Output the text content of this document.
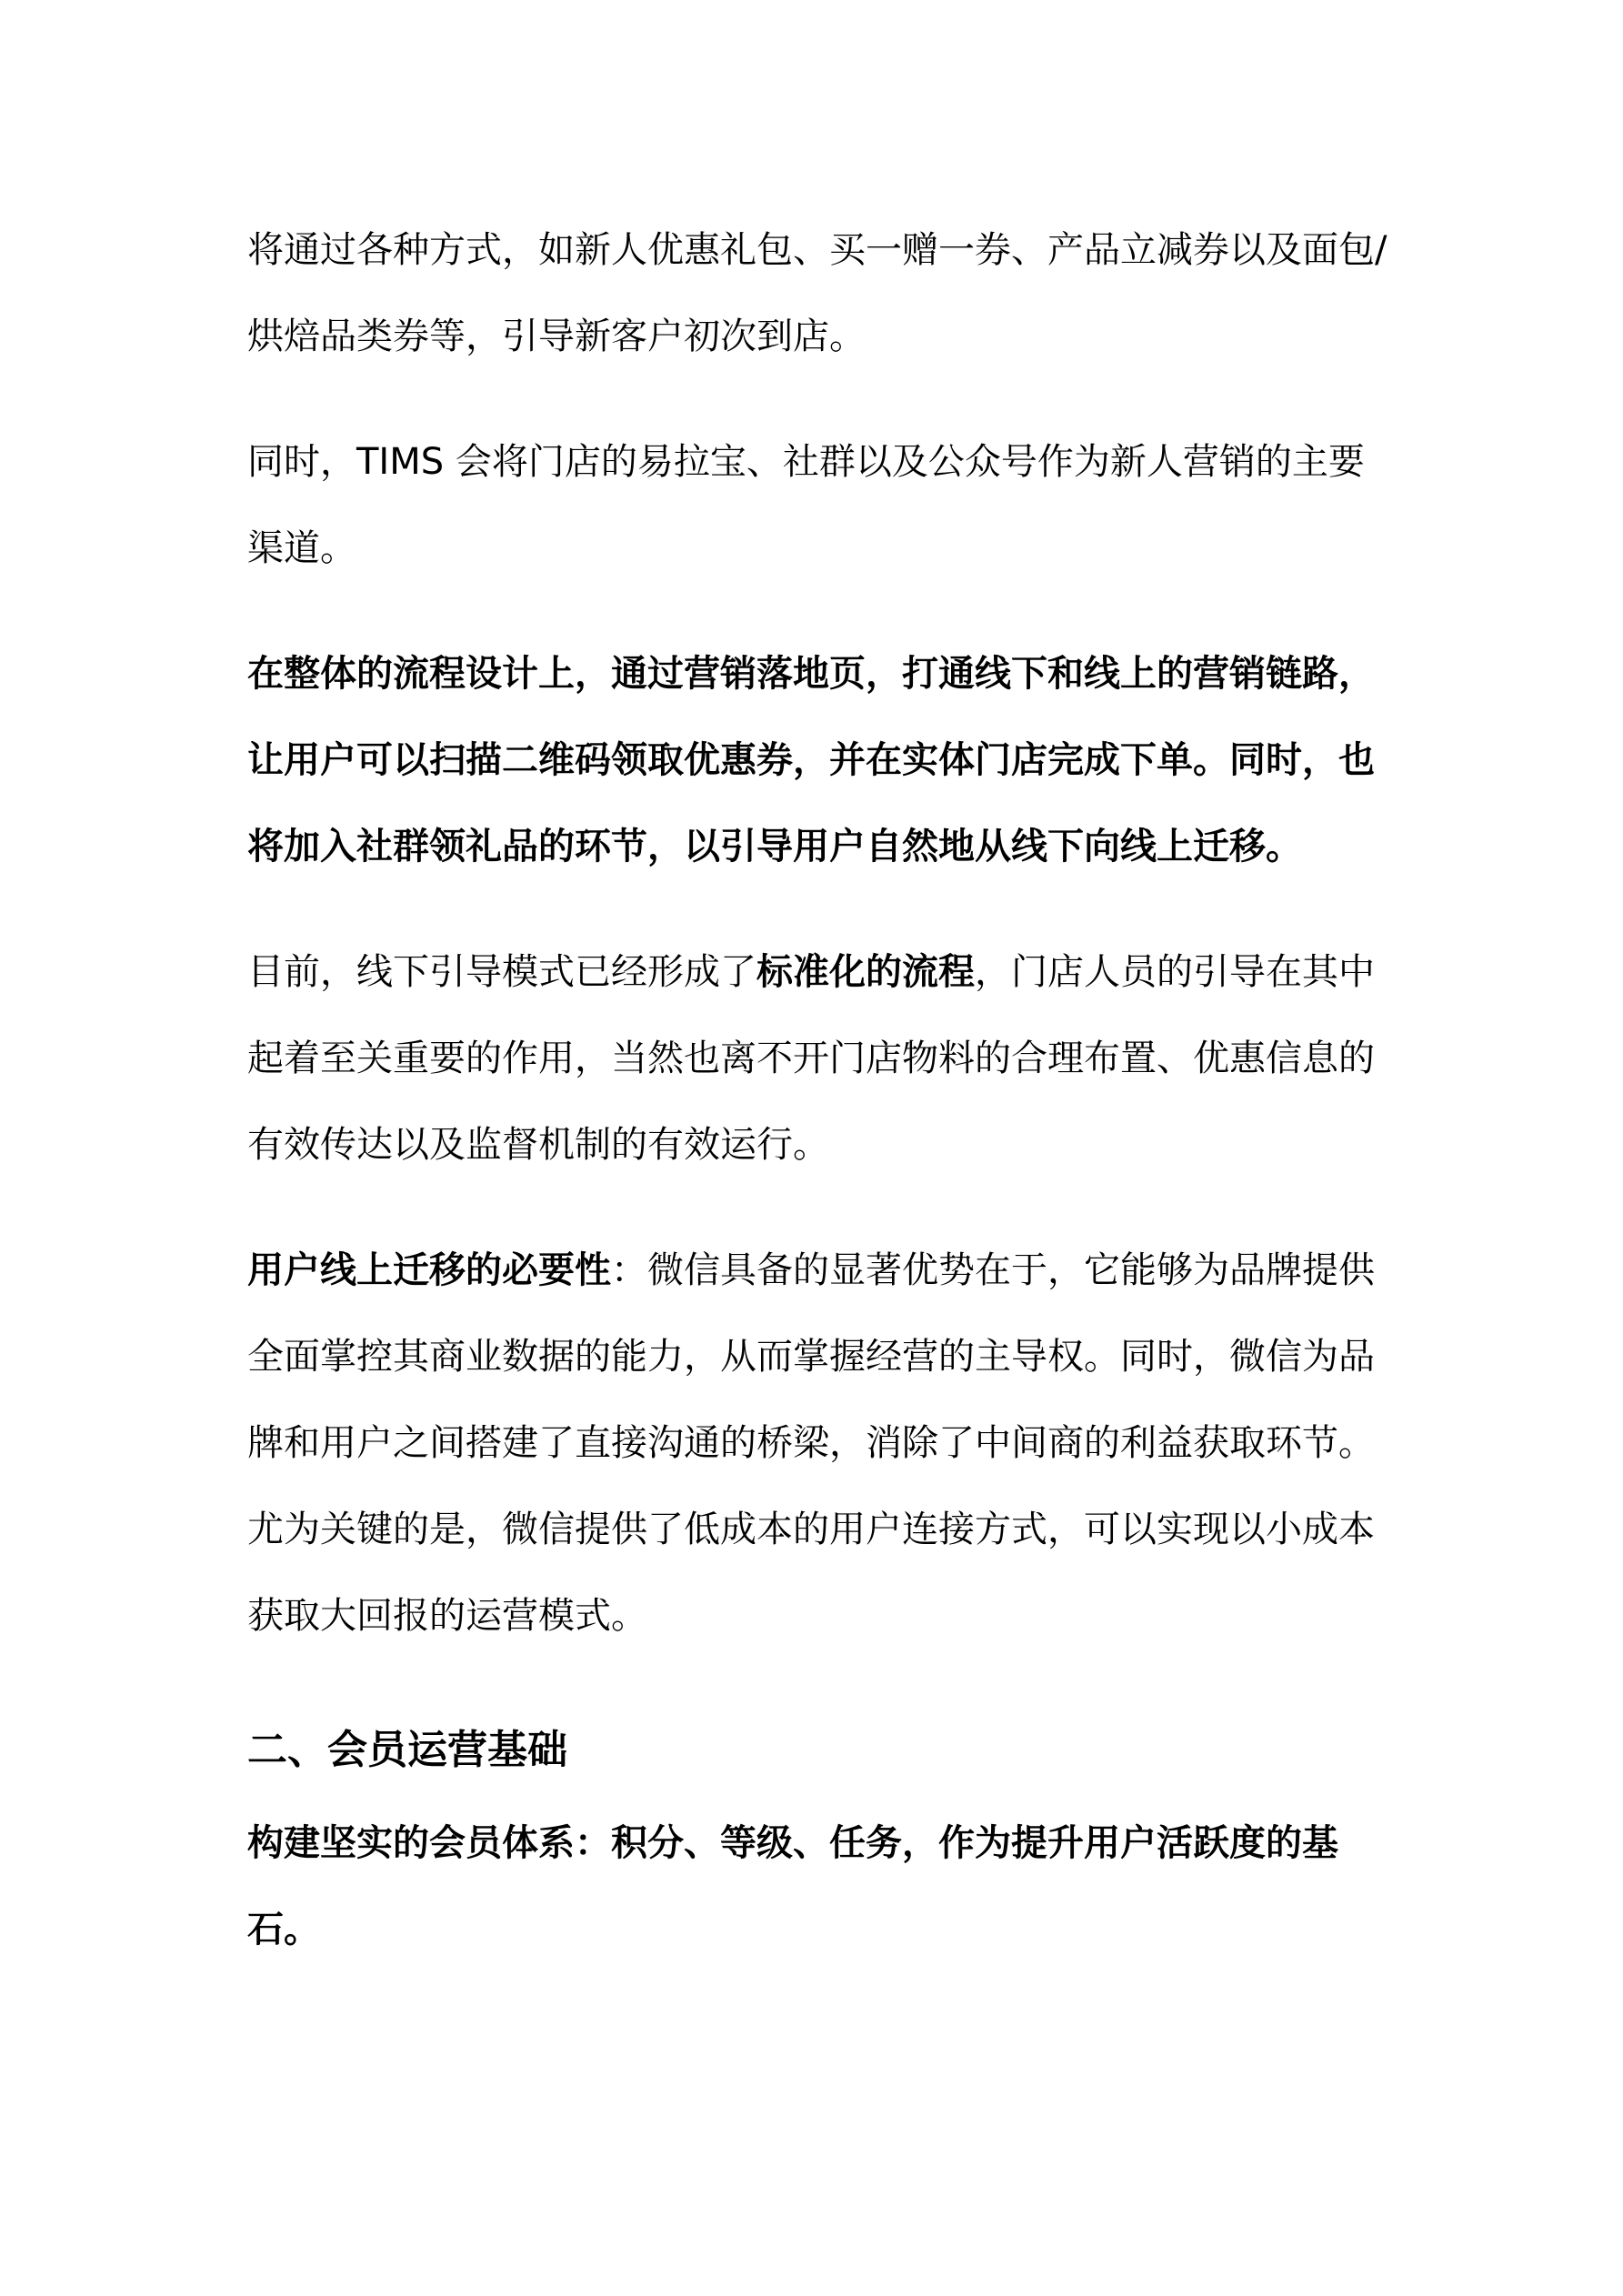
将通过各种方式，如新人优惠礼包、买一赠一券、产品立减券以及面包/烘焙品类券等，引导新客户初次到店。

同时，TIMS 会将门店的易拉宝、社群以及公众号作为新人营销的主要渠道。

在整体的流程设计上，通过营销落地页，打通线下和线上的营销链路，让用户可以扫描二维码领取优惠券，并在实体门店完成下单。同时，也将加入社群领礼品的环节，以引导用户自然地从线下向线上迁移。

目前，线下引导模式已经形成了标准化的流程，门店人员的引导在其中起着至关重要的作用，当然也离不开门店物料的合理布置、优惠信息的有效传达以及监督机制的有效运行。

用户线上迁移的必要性：微信具备的显著优势在于，它能够为品牌提供全面掌控其商业数据的能力，从而掌握经营的主导权。同时，微信为品牌和用户之间搭建了直接沟通的桥梁，消除了中间商的利益获取环节。尤为关键的是，微信提供了低成本的用户连接方式，可以实现以小成本获取大回报的运营模式。

二、会员运营基础

构建坚实的会员体系：积分、等级、任务，作为提升用户活跃度的基石。
